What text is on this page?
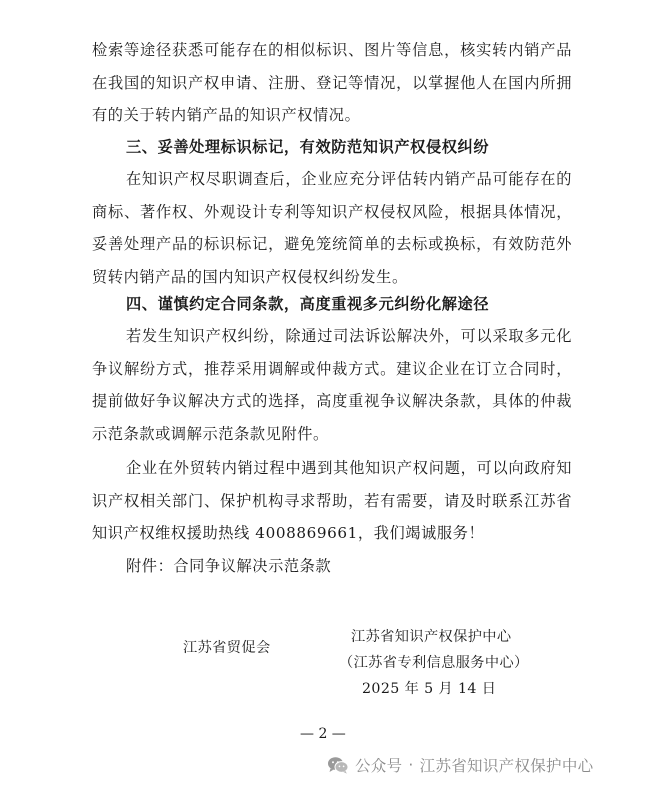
检索等途径获悉可能存在的相似标识、图片等信息，核实转内销产品在我国的知识产权申请、注册、登记等情况，以掌握他人在国内所拥有的关于转内销产品的知识产权情况。

三、妥善处理标识标记，有效防范知识产权侵权纠纷

在知识产权尽职调查后，企业应充分评估转内销产品可能存在的商标、著作权、外观设计专利等知识产权侵权风险，根据具体情况，妥善处理产品的标识标记，避免笼统简单的去标或换标，有效防范外贸转内销产品的国内知识产权侵权纠纷发生。

四、谨慎约定合同条款，高度重视多元纠纷化解途径

若发生知识产权纠纷，除通过司法诉讼解决外，可以采取多元化争议解纷方式，推荐采用调解或仲裁方式。建议企业在订立合同时，提前做好争议解决方式的选择，高度重视争议解决条款，具体的仲裁示范条款或调解示范条款见附件。

企业在外贸转内销过程中遇到其他知识产权问题，可以向政府知识产权相关部门、保护机构寻求帮助，若有需要，请及时联系江苏省知识产权维权援助热线 4008869661，我们竭诚服务！

附件：合同争议解决示范条款

江苏省贸促会
江苏省知识产权保护中心
（江苏省专利信息服务中心）
2025 年 5 月 14 日
— 2 —
公众号 · 江苏省知识产权保护中心
